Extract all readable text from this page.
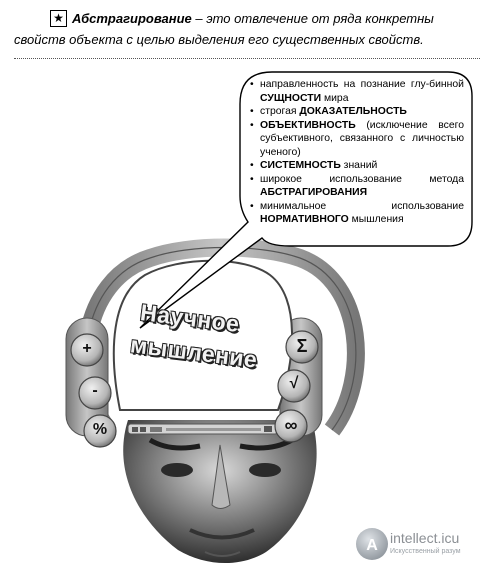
★ Абстрагирование – это отвлечение от ряда конкретны
свойств объекта с целью выделения его существенных свойств.
A
• направленность на познание глу-бинной СУЩНОСТИ мира
• строгая ДОКАЗАТЕЛЬНОСТЬ
• ОБЪЕКТИВНОСТЬ (исключение всего субъективного, связанного с личностью ученого)
• СИСТЕМНОСТЬ знаний
• широкое использование метода АБСТРАГИРОВАНИЯ
• минимальное использование НОРМАТИВНОГО мышления
Научное
мышление
+
-
%
Σ
√
∞
intellect.icu
Искусственный разум
